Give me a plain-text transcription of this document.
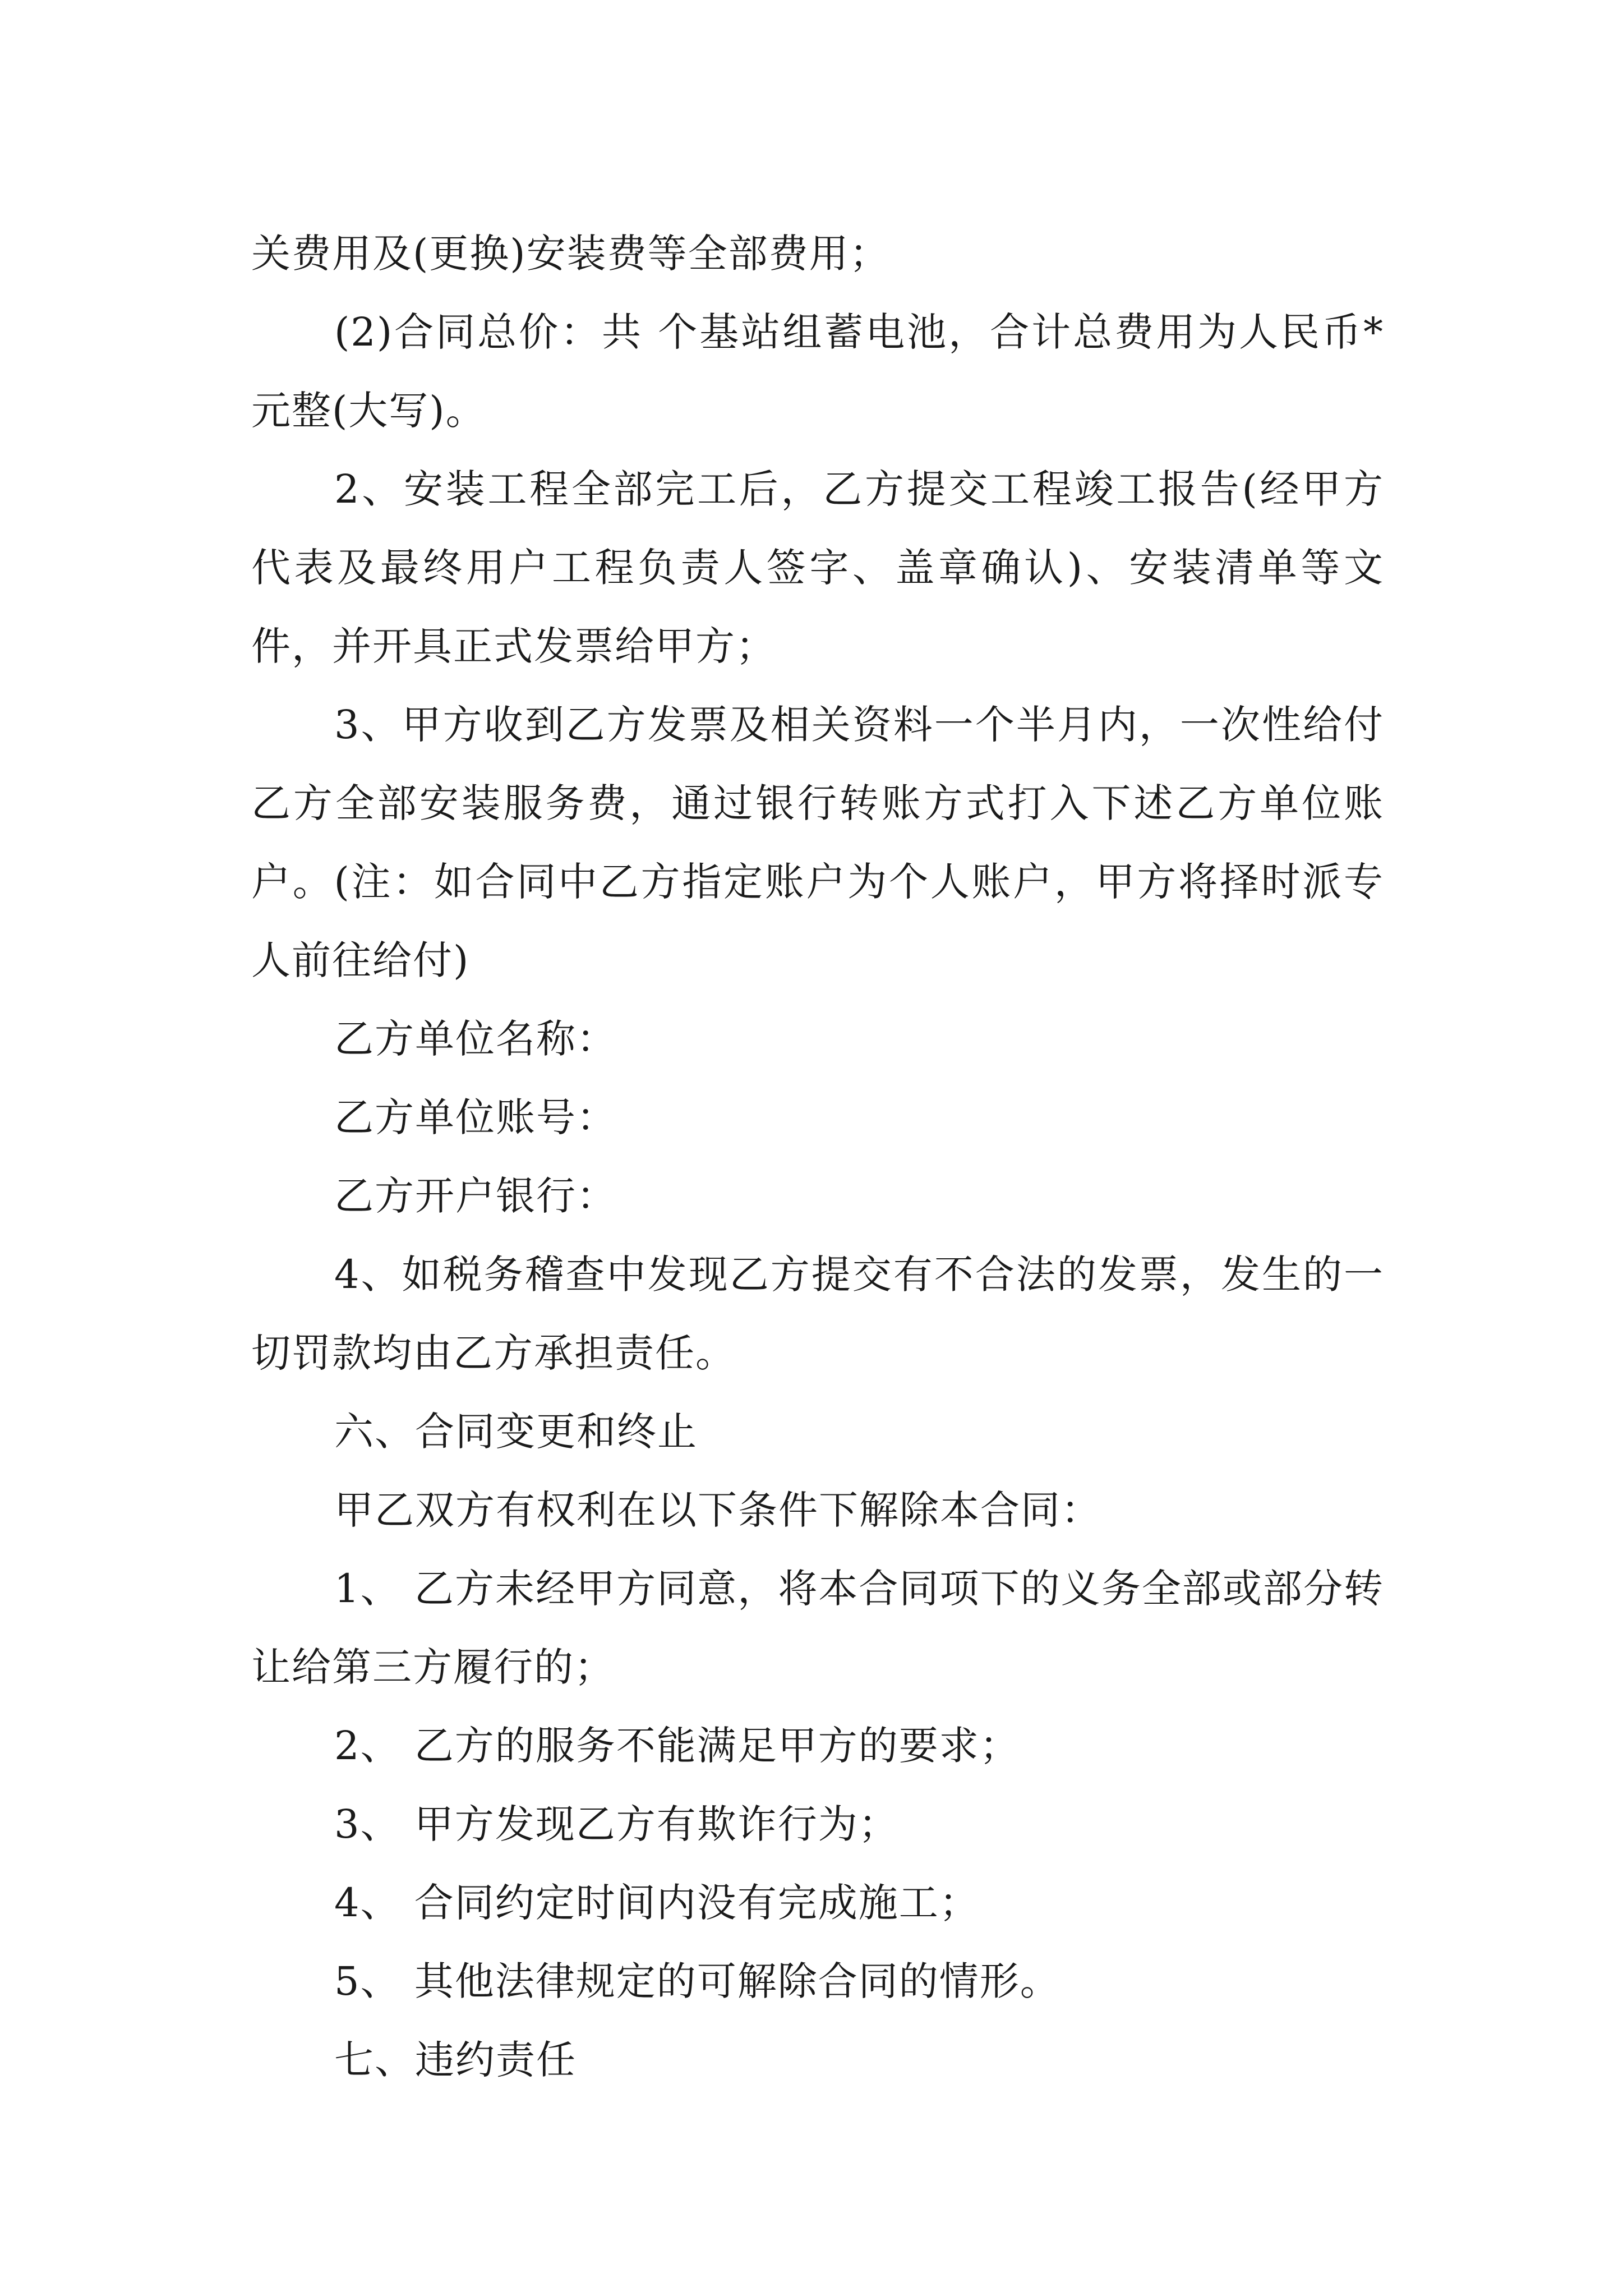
关费用及(更换)安装费等全部费用；

(2)合同总价：共 个基站组蓄电池，合计总费用为人民币*元整(大写)。

2、安装工程全部完工后，乙方提交工程竣工报告(经甲方代表及最终用户工程负责人签字、盖章确认)、安装清单等文件，并开具正式发票给甲方；

3、甲方收到乙方发票及相关资料一个半月内，一次性给付乙方全部安装服务费，通过银行转账方式打入下述乙方单位账户。(注：如合同中乙方指定账户为个人账户，甲方将择时派专人前往给付)

乙方单位名称：

乙方单位账号：

乙方开户银行：

4、如税务稽查中发现乙方提交有不合法的发票，发生的一切罚款均由乙方承担责任。

六、合同变更和终止

甲乙双方有权利在以下条件下解除本合同：

1、 乙方未经甲方同意，将本合同项下的义务全部或部分转让给第三方履行的；

2、 乙方的服务不能满足甲方的要求；

3、 甲方发现乙方有欺诈行为；

4、 合同约定时间内没有完成施工；

5、 其他法律规定的可解除合同的情形。

七、违约责任
